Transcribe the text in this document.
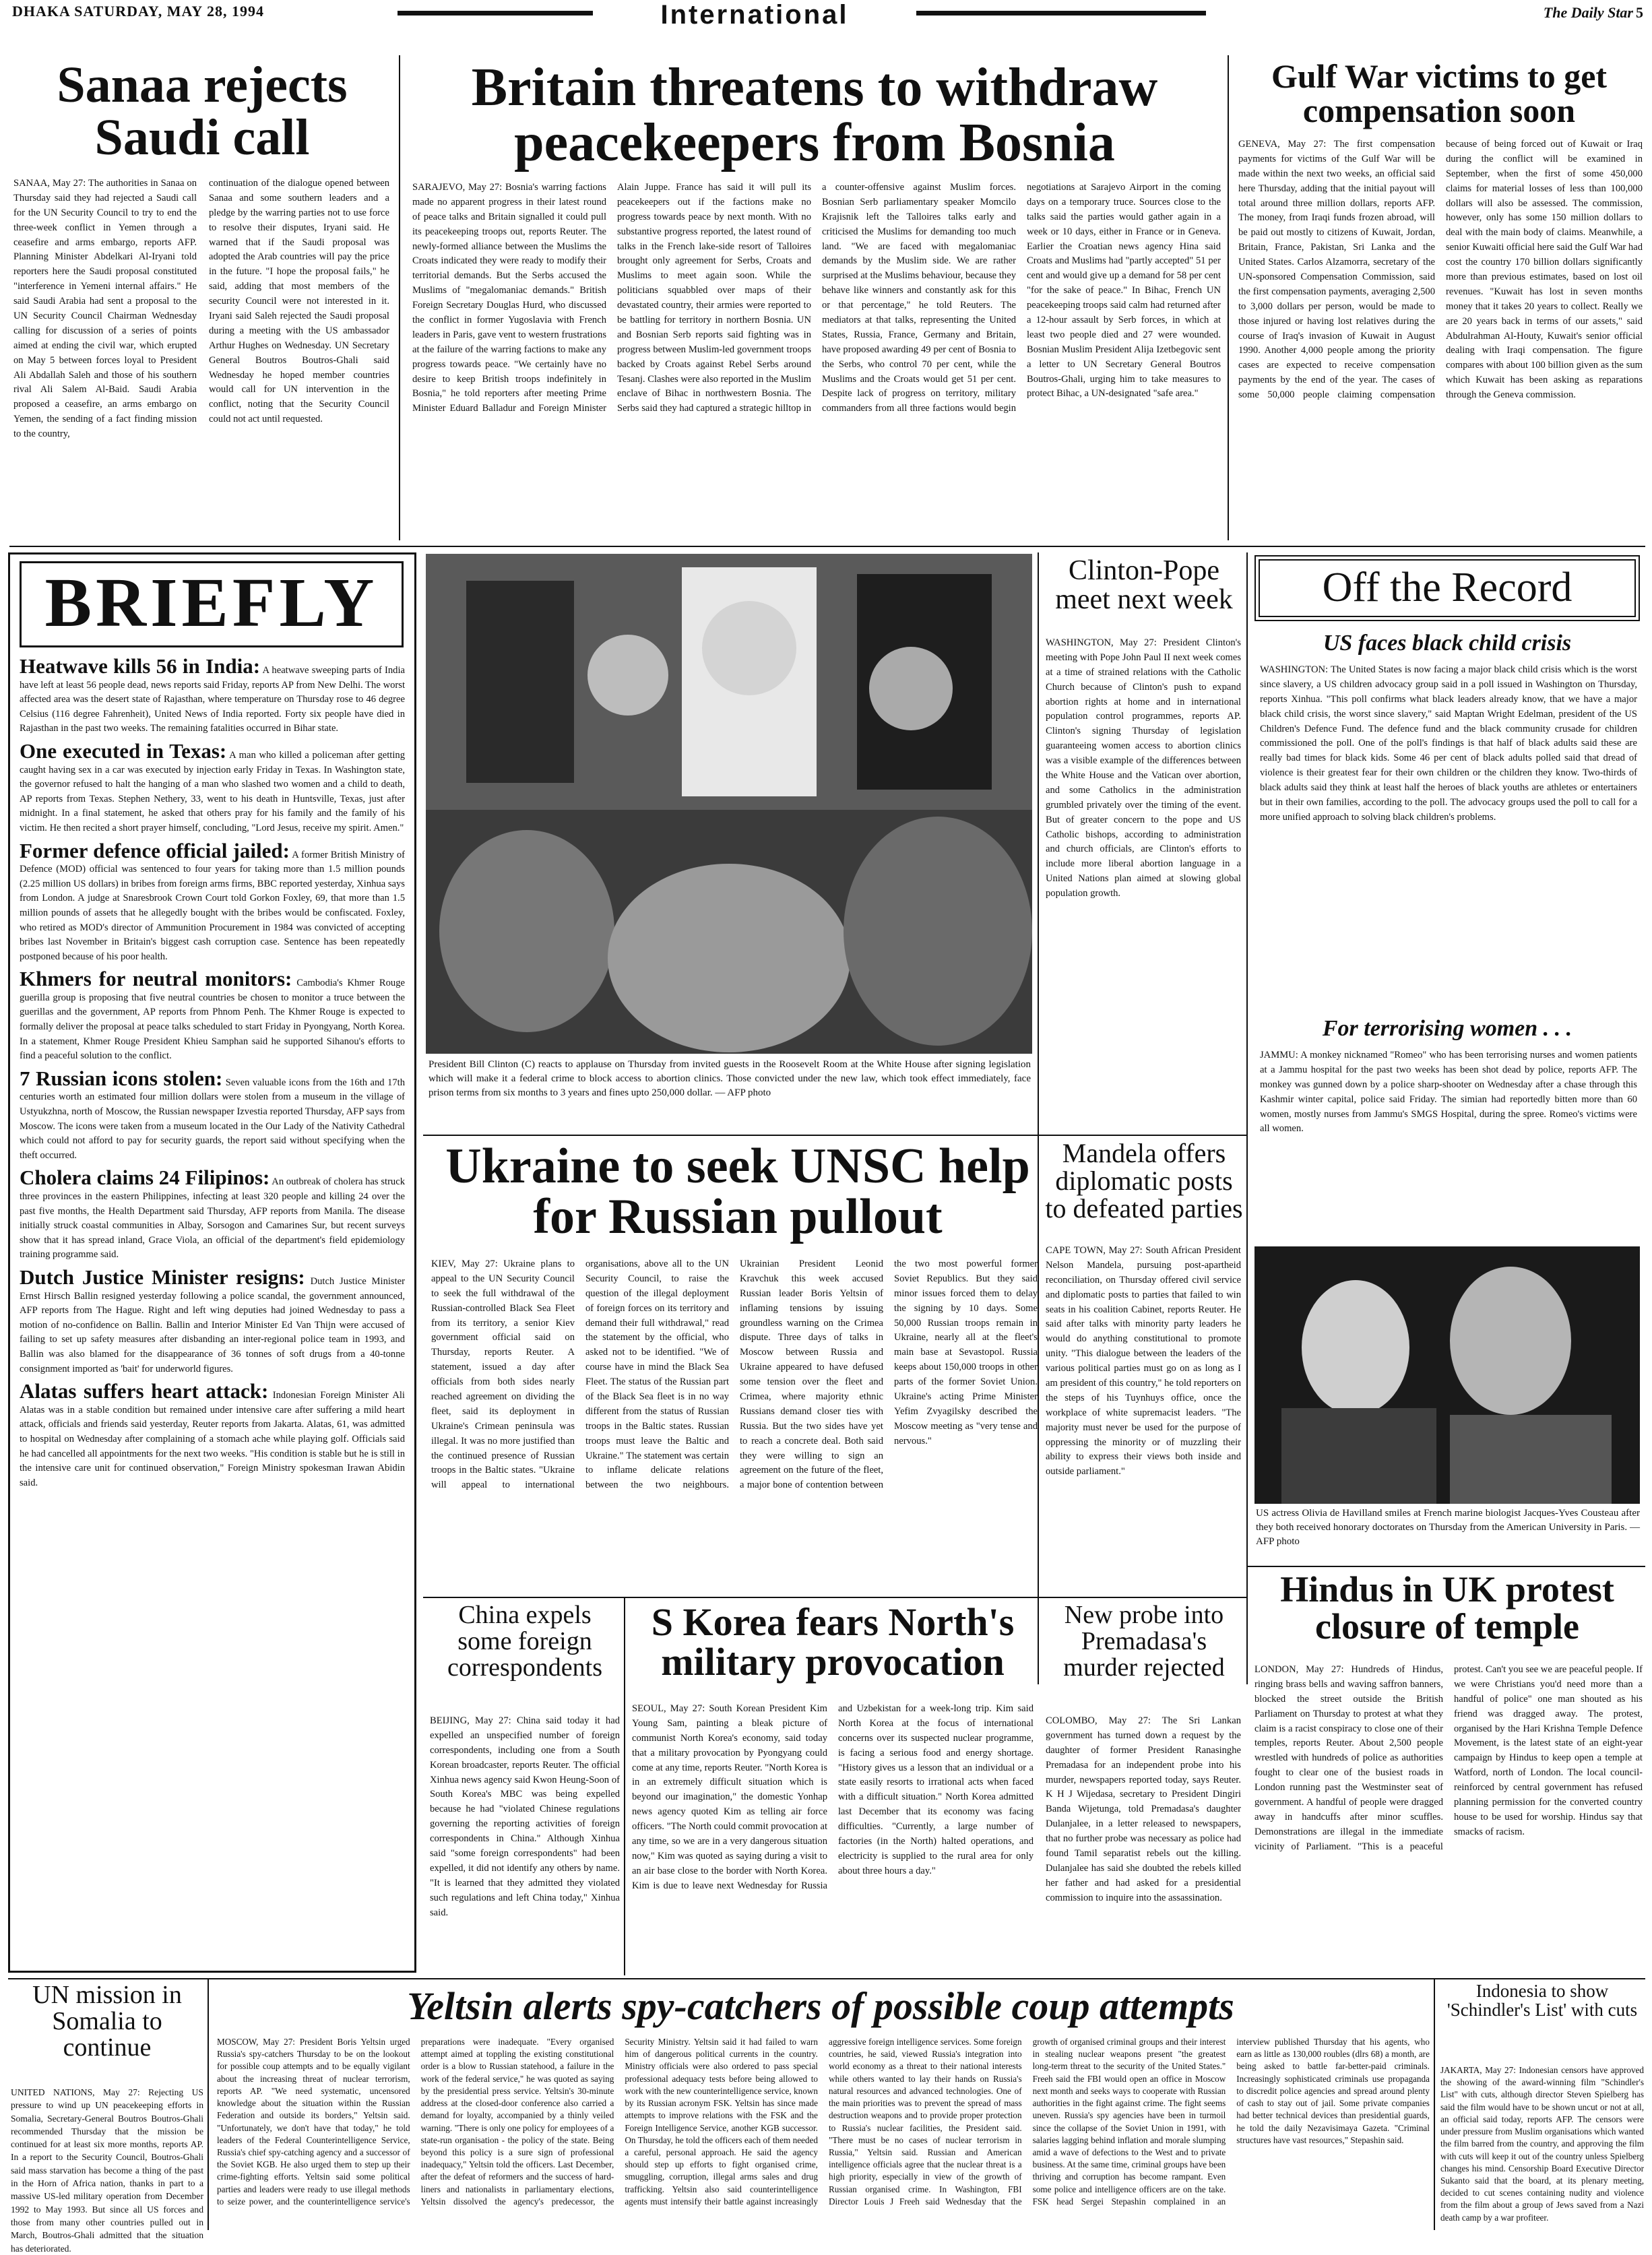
DHAKA SATURDAY, MAY 28, 1994	International	The Daily Star 5
Sanaa rejects Saudi call
SANAA, May 27: The authorities in Sanaa on Thursday said they had rejected a Saudi call for the UN Security Council to try to end the three-week conflict in Yemen through a ceasefire and arms embargo, reports AFP. Planning Minister Abdelkari Al-Iryani told reporters here the Saudi proposal constituted "interference in Yemeni internal affairs." He said Saudi Arabia had sent a proposal to the UN Security Council Chairman Wednesday calling for discussion of a series of points aimed at ending the civil war, which erupted on May 5 between forces loyal to President Ali Abdallah Saleh and those of his southern rival Ali Salem Al-Baid. Saudi Arabia proposed a ceasefire, an arms embargo on Yemen, the sending of a fact finding mission to the country,
continuation of the dialogue opened between Sanaa and some southern leaders and a pledge by the warring parties not to use force to resolve their disputes, Iryani said. He warned that if the Saudi proposal was adopted the Arab countries will pay the price in the future. "I hope the proposal fails," he said, adding that most members of the security Council were not interested in it. Iryani said Saleh rejected the Saudi proposal during a meeting with the US ambassador Arthur Hughes on Wednesday. UN Secretary General Boutros Boutros-Ghali said Wednesday he hoped member countries would call for UN intervention in the conflict, noting that the Security Council could not act until requested.
Britain threatens to withdraw peacekeepers from Bosnia
SARAJEVO, May 27: Bosnia's warring factions made no apparent progress in their latest round of peace talks and Britain signalled it could pull its peacekeeping troops out, reports Reuter. The newly-formed alliance between the Muslims the Croats indicated they were ready to modify their territorial demands. But the Serbs accused the Muslims of "megalomaniac demands." British Foreign Secretary Douglas Hurd, who discussed the conflict in former Yugoslavia with French leaders in Paris, gave vent to western frustrations at the failure of the warring factions to make any progress towards peace. "We certainly have no desire to keep British troops indefinitely in Bosnia," he told reporters after meeting Prime Minister Eduard Balladur and Foreign Minister Alain Juppe. France has said it will pull its peacekeepers out if the factions make no progress towards peace by next month. With no substantive progress reported, the latest round of talks in the French lake-side resort of Talloires brought only agreement for Serbs, Croats and Muslims to meet again soon. While the politicians squabbled over maps of their devastated country, their armies were reported to be battling for territory in northern Bosnia. UN and Bosnian Serb reports said fighting was in progress between Muslim-led government troops backed by Croats against Rebel Serbs around Tesanj. Clashes were also reported in the Muslim enclave of Bihac in northwestern Bosnia. The Serbs said they had captured a strategic hilltop in a counter-offensive against Muslim forces. Bosnian Serb parliamentary speaker Momcilo Krajisnik left the Talloires talks early and criticised the Muslims for demanding too much land. "We are faced with megalomaniac demands by the Muslim side. We are rather surprised at the Muslims behaviour, because they behave like winners and constantly ask for this or that percentage," he told Reuters. The mediators at that talks, representing the United States, Russia, France, Germany and Britain, have proposed awarding 49 per cent of Bosnia to the Serbs, who control 70 per cent, while the Muslims and the Croats would get 51 per cent. Despite lack of progress on territory, military commanders from all three factions would begin negotiations at Sarajevo Airport in the coming days on a temporary truce. Sources close to the talks said the parties would gather again in a week or 10 days, either in France or in Geneva. Earlier the Croatian news agency Hina said Croats and Muslims had "partly accepted" 51 per cent and would give up a demand for 58 per cent "for the sake of peace." In Bihac, French UN peacekeeping troops said calm had returned after a 12-hour assault by Serb forces, in which at least two people died and 27 were wounded. Bosnian Muslim President Alija Izetbegovic sent a letter to UN Secretary General Boutros Boutros-Ghali, urging him to take measures to protect Bihac, a UN-designated "safe area."
Gulf War victims to get compensation soon
GENEVA, May 27: The first compensation payments for victims of the Gulf War will be made within the next two weeks, an official said here Thursday, adding that the initial payout will total around three million dollars, reports AFP. The money, from Iraqi funds frozen abroad, will be paid out mostly to citizens of Kuwait, Jordan, Britain, France, Pakistan, Sri Lanka and the United States. Carlos Alzamorra, secretary of the UN-sponsored Compensation Commission, said the first compensation payments, averaging 2,500 to 3,000 dollars per person, would be made to those injured or having lost relatives during the course of Iraq's invasion of Kuwait in August 1990. Another 4,000 people among the priority cases are expected to receive compensation payments by the end of the year. The cases of some 50,000 people claiming compensation because of being forced out of Kuwait or Iraq during the conflict will be examined in September, when the first of some 450,000 claims for material losses of less than 100,000 dollars will also be assessed. The commission, however, only has some 150 million dollars to deal with the main body of claims. Meanwhile, a senior Kuwaiti official here said the Gulf War had cost the country 170 billion dollars significantly more than previous estimates, based on lost oil revenues. "Kuwait has lost in seven months money that it takes 20 years to collect. Really we are 20 years back in terms of our assets," said Abdulrahman Al-Houty, Kuwait's senior official dealing with Iraqi compensation. The figure compares with about 100 billion given as the sum which Kuwait has been asking as reparations through the Geneva commission.
BRIEFLY

Heatwave kills 56 in India: A heatwave sweeping parts of India have left at least 56 people dead, news reports said Friday, reports AP from New Delhi. The worst affected area was the desert state of Rajasthan, where temperature on Thursday rose to 46 degree Celsius (116 degree Fahrenheit), United News of India reported. Forty six people have died in Rajasthan in the past two weeks. The remaining fatalities occurred in Bihar state.

One executed in Texas: A man who killed a policeman after getting caught having sex in a car was executed by injection early Friday in Texas. In Washington state, the governor refused to halt the hanging of a man who slashed two women and a child to death, AP reports from Texas. Stephen Nethery, 33, went to his death in Huntsville, Texas, just after midnight. In a final statement, he asked that others pray for his family and the family of his victim. He then recited a short prayer himself, concluding, "Lord Jesus, receive my spirit. Amen."

Former defence official jailed: A former British Ministry of Defence (MOD) official was sentenced to four years for taking more than 1.5 million pounds (2.25 million US dollars) in bribes from foreign arms firms, BBC reported yesterday, Xinhua says from London. A judge at Snaresbrook Crown Court told Gorkon Foxley, 69, that more than 1.5 million pounds of assets that he allegedly bought with the bribes would be confiscated. Foxley, who retired as MOD's director of Ammunition Procurement in 1984 was convicted of accepting bribes last November in Britain's biggest cash corruption case. Sentence has been repeatedly postponed because of his poor health.

Khmers for neutral monitors: Cambodia's Khmer Rouge guerilla group is proposing that five neutral countries be chosen to monitor a truce between the guerillas and the government, AP reports from Phnom Penh. The Khmer Rouge is expected to formally deliver the proposal at peace talks scheduled to start Friday in Pyongyang, North Korea. In a statement, Khmer Rouge President Khieu Samphan said he supported Sihanou's efforts to find a peaceful solution to the conflict.

7 Russian icons stolen: Seven valuable icons from the 16th and 17th centuries worth an estimated four million dollars were stolen from a museum in the village of Ustyukzhna, north of Moscow, the Russian newspaper Izvestia reported Thursday, AFP says from Moscow. The icons were taken from a museum located in the Our Lady of the Nativity Cathedral which could not afford to pay for security guards, the report said without specifying when the theft occurred.

Cholera claims 24 Filipinos: An outbreak of cholera has struck three provinces in the eastern Philippines, infecting at least 320 people and killing 24 over the past five months, the Health Department said Thursday, AFP reports from Manila. The disease initially struck coastal communities in Albay, Sorsogon and Camarines Sur, but recent surveys show that it has spread inland, Grace Viola, an official of the department's field epidemiology training programme said.

Dutch Justice Minister resigns: Dutch Justice Minister Ernst Hirsch Ballin resigned yesterday following a police scandal, the government announced, AFP reports from The Hague. Right and left wing deputies had joined Wednesday to pass a motion of no-confidence on Ballin. Ballin and Interior Minister Ed Van Thijn were accused of failing to set up safety measures after disbanding an inter-regional police team in 1993, and Ballin was also blamed for the disappearance of 36 tonnes of soft drugs from a 40-tonne consignment imported as 'bait' for underworld figures.

Alatas suffers heart attack: Indonesian Foreign Minister Ali Alatas was in a stable condition but remained under intensive care after suffering a mild heart attack, officials and friends said yesterday, Reuter reports from Jakarta. Alatas, 61, was admitted to hospital on Wednesday after complaining of a stomach ache while playing golf. Officials said he had cancelled all appointments for the next two weeks. "His condition is stable but he is still in the intensive care unit for continued observation," Foreign Ministry spokesman Irawan Abidin said.

President Bill Clinton (C) reacts to applause on Thursday from invited guests in the Roosevelt Room at the White House after signing legislation which will make it a federal crime to block access to abortion clinics. Those convicted under the new law, which took effect immediately, face prison terms from six months to 3 years and fines upto 250,000 dollar. — AFP photo
Clinton-Pope meet next week
WASHINGTON, May 27: President Clinton's meeting with Pope John Paul II next week comes at a time of strained relations with the Catholic Church because of Clinton's push to expand abortion rights at home and in international population control programmes, reports AP. Clinton's signing Thursday of legislation guaranteeing women access to abortion clinics was a visible example of the differences between the White House and the Vatican over abortion, and some Catholics in the administration grumbled privately over the timing of the event. But of greater concern to the pope and US Catholic bishops, according to administration and church officials, are Clinton's efforts to include more liberal abortion language in a United Nations plan aimed at slowing global population growth.
Off the Record
US faces black child crisis
WASHINGTON: The United States is now facing a major black child crisis which is the worst since slavery, a US children advocacy group said in a poll issued in Washington on Thursday, reports Xinhua. "This poll confirms what black leaders already know, that we have a major black child crisis, the worst since slavery," said Maptan Wright Edelman, president of the US Children's Defence Fund. The defence fund and the black community crusade for children commissioned the poll. One of the poll's findings is that half of black adults said these are really bad times for black kids. Some 46 per cent of black adults polled said that dread of violence is their greatest fear for their own children or the children they know. Two-thirds of black adults said they think at least half the heroes of black youths are athletes or entertainers but in their own families, according to the poll. The advocacy groups used the poll to call for a more unified approach to solving black children's problems.
For terrorising women . . .
JAMMU: A monkey nicknamed "Romeo" who has been terrorising nurses and women patients at a Jammu hospital for the past two weeks has been shot dead by police, reports AFP. The monkey was gunned down by a police sharp-shooter on Wednesday after a chase through this Kashmir winter capital, police said Friday. The simian had reportedly bitten more than 60 women, mostly nurses from Jammu's SMGS Hospital, during the spree. Romeo's victims were all women.
US actress Olivia de Havilland smiles at French marine biologist Jacques-Yves Cousteau after they both received honorary doctorates on Thursday from the American University in Paris. — AFP photo
Ukraine to seek UNSC help for Russian pullout
KIEV, May 27: Ukraine plans to appeal to the UN Security Council to seek the full withdrawal of the Russian-controlled Black Sea Fleet from its territory, a senior Kiev government official said on Thursday, reports Reuter. A statement, issued a day after officials from both sides nearly reached agreement on dividing the fleet, said its deployment in Ukraine's Crimean peninsula was illegal. It was no more justified than the continued presence of Russian troops in the Baltic states. "Ukraine will appeal to international organisations, above all to the UN Security Council, to raise the question of the illegal deployment of foreign forces on its territory and demand their full withdrawal," read the statement by the official, who asked not to be identified. "We of course have in mind the Black Sea Fleet. The status of the Russian part of the Black Sea fleet is in no way different from the status of Russian troops in the Baltic states. Russian troops must leave the Baltic and Ukraine." The statement was certain to inflame delicate relations between the two neighbours. Ukrainian President Leonid Kravchuk this week accused Russian leader Boris Yeltsin of inflaming tensions by issuing groundless warning on the Crimea dispute. Three days of talks in Moscow between Russia and Ukraine appeared to have defused some tension over the fleet and Crimea, where majority ethnic Russians demand closer ties with Russia. But the two sides have yet to reach a concrete deal. Both said they were willing to sign an agreement on the future of the fleet, a major bone of contention between the two most powerful former Soviet Republics. But they said minor issues forced them to delay the signing by 10 days. Some 50,000 Russian troops remain in Ukraine, nearly all at the fleet's main base at Sevastopol. Russia keeps about 150,000 troops in other parts of the former Soviet Union. Ukraine's acting Prime Minister Yefim Zvyagilsky described the Moscow meeting as "very tense and nervous."
Mandela offers diplomatic posts to defeated parties
CAPE TOWN, May 27: South African President Nelson Mandela, pursuing post-apartheid reconciliation, on Thursday offered civil service and diplomatic posts to parties that failed to win seats in his coalition Cabinet, reports Reuter. He said after talks with minority party leaders he would do anything constitutional to promote unity. "This dialogue between the leaders of the various political parties must go on as long as I am president of this country," he told reporters on the steps of his Tuynhuys office, once the workplace of white supremacist leaders. "The majority must never be used for the purpose of oppressing the minority or of muzzling their ability to express their views both inside and outside parliament."
China expels some foreign correspondents
BEIJING, May 27: China said today it had expelled an unspecified number of foreign correspondents, including one from a South Korean broadcaster, reports Reuter. The official Xinhua news agency said Kwon Heung-Soon of South Korea's MBC was being expelled because he had "violated Chinese regulations governing the reporting activities of foreign correspondents in China." Although Xinhua said "some foreign correspondents" had been expelled, it did not identify any others by name. "It is learned that they admitted they violated such regulations and left China today," Xinhua said.
S Korea fears North's military provocation
SEOUL, May 27: South Korean President Kim Young Sam, painting a bleak picture of communist North Korea's economy, said today that a military provocation by Pyongyang could come at any time, reports Reuter. "North Korea is in an extremely difficult situation which is beyond our imagination," the domestic Yonhap news agency quoted Kim as telling air force officers. "The North could commit provocation at any time, so we are in a very dangerous situation now," Kim was quoted as saying during a visit to an air base close to the border with North Korea. Kim is due to leave next Wednesday for Russia and Uzbekistan for a week-long trip. Kim said North Korea at the focus of international concerns over its suspected nuclear programme, is facing a serious food and energy shortage. "History gives us a lesson that an individual or a state easily resorts to irrational acts when faced with a difficult situation." North Korea admitted last December that its economy was facing difficulties. "Currently, a large number of factories (in the North) halted operations, and electricity is supplied to the rural area for only about three hours a day."
New probe into Premadasa's murder rejected
COLOMBO, May 27: The Sri Lankan government has turned down a request by the daughter of former President Ranasinghe Premadasa for an independent probe into his murder, newspapers reported today, says Reuter. K H J Wijedasa, secretary to President Dingiri Banda Wijetunga, told Premadasa's daughter Dulanjalee, in a letter released to newspapers, that no further probe was necessary as police had found Tamil separatist rebels out the killing. Dulanjalee has said she doubted the rebels killed her father and had asked for a presidential commission to inquire into the assassination.
Hindus in UK protest closure of temple
LONDON, May 27: Hundreds of Hindus, ringing brass bells and waving saffron banners, blocked the street outside the British Parliament on Thursday to protest at what they claim is a racist conspiracy to close one of their temples, reports Reuter. About 2,500 people wrestled with hundreds of police as authorities fought to clear one of the busiest roads in London running past the Westminster seat of government. A handful of people were dragged away in handcuffs after minor scuffles. Demonstrations are illegal in the immediate vicinity of Parliament. "This is a peaceful protest. Can't you see we are peaceful people. If we were Christians you'd need more than a handful of police" one man shouted as his friend was dragged away. The protest, organised by the Hari Krishna Temple Defence Movement, is the latest state of an eight-year campaign by Hindus to keep open a temple at Watford, north of London. The local council-reinforced by central government has refused planning permission for the converted country house to be used for worship. Hindus say that smacks of racism.
UN mission in Somalia to continue
UNITED NATIONS, May 27: Rejecting US pressure to wind up UN peacekeeping efforts in Somalia, Secretary-General Boutros Boutros-Ghali recommended Thursday that the mission be continued for at least six more months, reports AP. In a report to the Security Council, Boutros-Ghali said mass starvation has become a thing of the past in the Horn of Africa nation, thanks in part to a massive US-led military operation from December 1992 to May 1993. But since all US forces and those from many other countries pulled out in March, Boutros-Ghali admitted that the situation has deteriorated.
Yeltsin alerts spy-catchers of possible coup attempts
MOSCOW, May 27: President Boris Yeltsin urged Russia's spy-catchers Thursday to be on the lookout for possible coup attempts and to be equally vigilant about the increasing threat of nuclear terrorism, reports AP. "We need systematic, uncensored knowledge about the situation within the Russian Federation and outside its borders," Yeltsin said. "Unfortunately, we don't have that today," he told leaders of the Federal Counterintelligence Service, Russia's chief spy-catching agency and a successor of the Soviet KGB. He also urged them to step up their crime-fighting efforts. Yeltsin said some political parties and leaders were ready to use illegal methods to seize power, and the counterintelligence service's preparations were inadequate. "Every organised attempt aimed at toppling the existing constitutional order is a blow to Russian statehood, a failure in the work of the federal service," he was quoted as saying by the presidential press service. Yeltsin's 30-minute address at the closed-door conference also carried a demand for loyalty, accompanied by a thinly veiled warning. "There is only one policy for employees of a state-run organisation - the policy of the state. Being beyond this policy is a sure sign of professional inadequacy," Yeltsin told the officers. Last December, after the defeat of reformers and the success of hard-liners and nationalists in parliamentary elections, Yeltsin dissolved the agency's predecessor, the Security Ministry. Yeltsin said it had failed to warn him of dangerous political currents in the country. Ministry officials were also ordered to pass special professional adequacy tests before being allowed to work with the new counterintelligence service, known by its Russian acronym FSK. Yeltsin has since made attempts to improve relations with the FSK and the Foreign Intelligence Service, another KGB successor. On Thursday, he told the officers each of them needed a careful, personal approach. He said the agency should step up efforts to fight organised crime, smuggling, corruption, illegal arms sales and drug trafficking. Yeltsin also said counterintelligence agents must intensify their battle against increasingly aggressive foreign intelligence services. Some foreign countries, he said, viewed Russia's integration into world economy as a threat to their national interests while others wanted to lay their hands on Russia's natural resources and advanced technologies. One of the main priorities was to prevent the spread of mass destruction weapons and to provide proper protection to Russia's nuclear facilities, the President said. "There must be no cases of nuclear terrorism in Russia," Yeltsin said. Russian and American intelligence officials agree that the nuclear threat is a high priority, especially in view of the growth of Russian organised crime. In Washington, FBI Director Louis J Freeh said Wednesday that the growth of organised criminal groups and their interest in stealing nuclear weapons present "the greatest long-term threat to the security of the United States." Freeh said the FBI would open an office in Moscow next month and seeks ways to cooperate with Russian authorities in the fight against crime. The fight seems uneven. Russia's spy agencies have been in turmoil since the collapse of the Soviet Union in 1991, with salaries lagging behind inflation and morale slumping amid a wave of defections to the West and to private business. At the same time, criminal groups have been thriving and corruption has become rampant. Even some police and intelligence officers are on the take. FSK head Sergei Stepashin complained in an interview published Thursday that his agents, who earn as little as 130,000 roubles (dlrs 68) a month, are being asked to battle far-better-paid criminals. Increasingly sophisticated criminals use propaganda to discredit police agencies and spread around plenty of cash to stay out of jail. Some private companies had better technical devices than presidential guards, he told the daily Nezavisimaya Gazeta. "Criminal structures have vast resources," Stepashin said.
Indonesia to show 'Schindler's List' with cuts
JAKARTA, May 27: Indonesian censors have approved the showing of the award-winning film "Schindler's List" with cuts, although director Steven Spielberg has said the film would have to be shown uncut or not at all, an official said today, reports AFP. The censors were under pressure from Muslim organisations which wanted the film barred from the country, and approving the film with cuts will keep it out of the country unless Spielberg changes his mind. Censorship Board Executive Director Sukanto said that the board, at its plenary meeting, decided to cut scenes containing nudity and violence from the film about a group of Jews saved from a Nazi death camp by a war profiteer.
